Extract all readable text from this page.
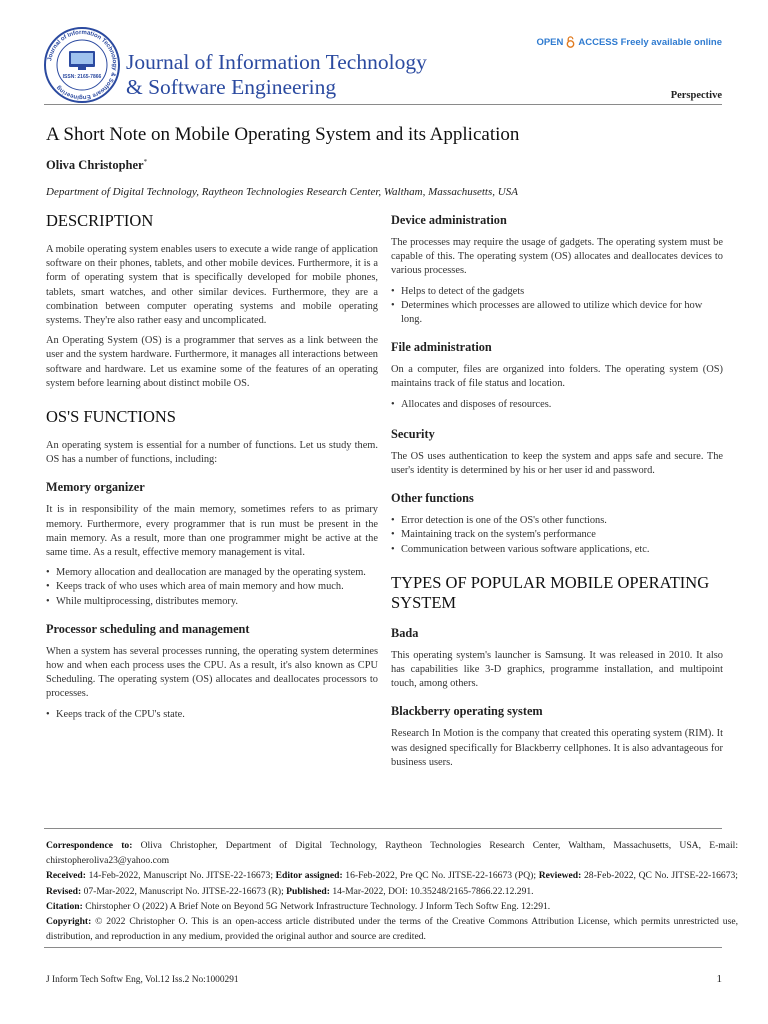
Journal of Information Technology & Software Engineering
ISSN: 2165-7866
Journal of Information Technology
& Software Engineering
OPEN ACCESS Freely available online
Perspective
A Short Note on Mobile Operating System and its Application
Oliva Christopher*
Department of Digital Technology, Raytheon Technologies Research Center, Waltham, Massachusetts, USA
DESCRIPTION

A mobile operating system enables users to execute a wide range of application software on their phones, tablets, and other mobile devices. Furthermore, it is a form of operating system that is specifically developed for mobile phones, tablets, smart watches, and other similar devices. Furthermore, they are a combination between computer operating systems and mobile operating systems. They're also rather easy and uncomplicated.

An Operating System (OS) is a programmer that serves as a link between the user and the system hardware. Furthermore, it manages all interactions between software and hardware. Let us examine some of the features of an operating system before learning about distinct mobile OS.

OS'S FUNCTIONS

An operating system is essential for a number of functions. Let us study them. OS has a number of functions, including:

Memory organizer

It is in responsibility of the main memory, sometimes refers to as primary memory. Furthermore, every programmer that is run must be present in the main memory. As a result, more than one programmer might be active at the same time. As a result, effective memory management is vital.

• Memory allocation and deallocation are managed by the operating system.
• Keeps track of who uses which area of main memory and how much.
• While multiprocessing, distributes memory.
Processor scheduling and management

When a system has several processes running, the operating system determines how and when each process uses the CPU. As a result, it's also known as CPU Scheduling. The operating system (OS) allocates and deallocates processors to processes.

• Keeps track of the CPU's state.
Device administration

The processes may require the usage of gadgets. The operating system must be capable of this. The operating system (OS) allocates and deallocates devices to various processes.

• Helps to detect of the gadgets
• Determines which processes are allowed to utilize which device for how long.
File administration

On a computer, files are organized into folders. The operating system (OS) maintains track of file status and location.

• Allocates and disposes of resources.
Security

The OS uses authentication to keep the system and apps safe and secure. The user's identity is determined by his or her user id and password.

Other functions
• Error detection is one of the OS's other functions.
• Maintaining track on the system's performance
• Communication between various software applications, etc.
TYPES OF POPULAR MOBILE OPERATING SYSTEM
Bada

This operating system's launcher is Samsung. It was released in 2010. It also has capabilities like 3-D graphics, programme installation, and multipoint touch, among others.

Blackberry operating system

Research In Motion is the company that created this operating system (RIM). It was designed specifically for Blackberry cellphones. It is also advantageous for business users.

Correspondence to: Oliva Christopher, Department of Digital Technology, Raytheon Technologies Research Center, Waltham, Massachusetts, USA, E-mail: chirstopheroliva23@yahoo.com

Received: 14-Feb-2022, Manuscript No. JITSE-22-16673; Editor assigned: 16-Feb-2022, Pre QC No. JITSE-22-16673 (PQ); Reviewed: 28-Feb-2022, QC No. JITSE-22-16673; Revised: 07-Mar-2022, Manuscript No. JITSE-22-16673 (R); Published: 14-Mar-2022, DOI: 10.35248/2165-7866.22.12.291.

Citation: Chirstopher O (2022) A Brief Note on Beyond 5G Network Infrastructure Technology. J Inform Tech Softw Eng. 12:291.

Copyright: © 2022 Christopher O. This is an open-access article distributed under the terms of the Creative Commons Attribution License, which permits unrestricted use, distribution, and reproduction in any medium, provided the original author and source are credited.

J Inform Tech Softw Eng, Vol.12 Iss.2 No:1000291	1
